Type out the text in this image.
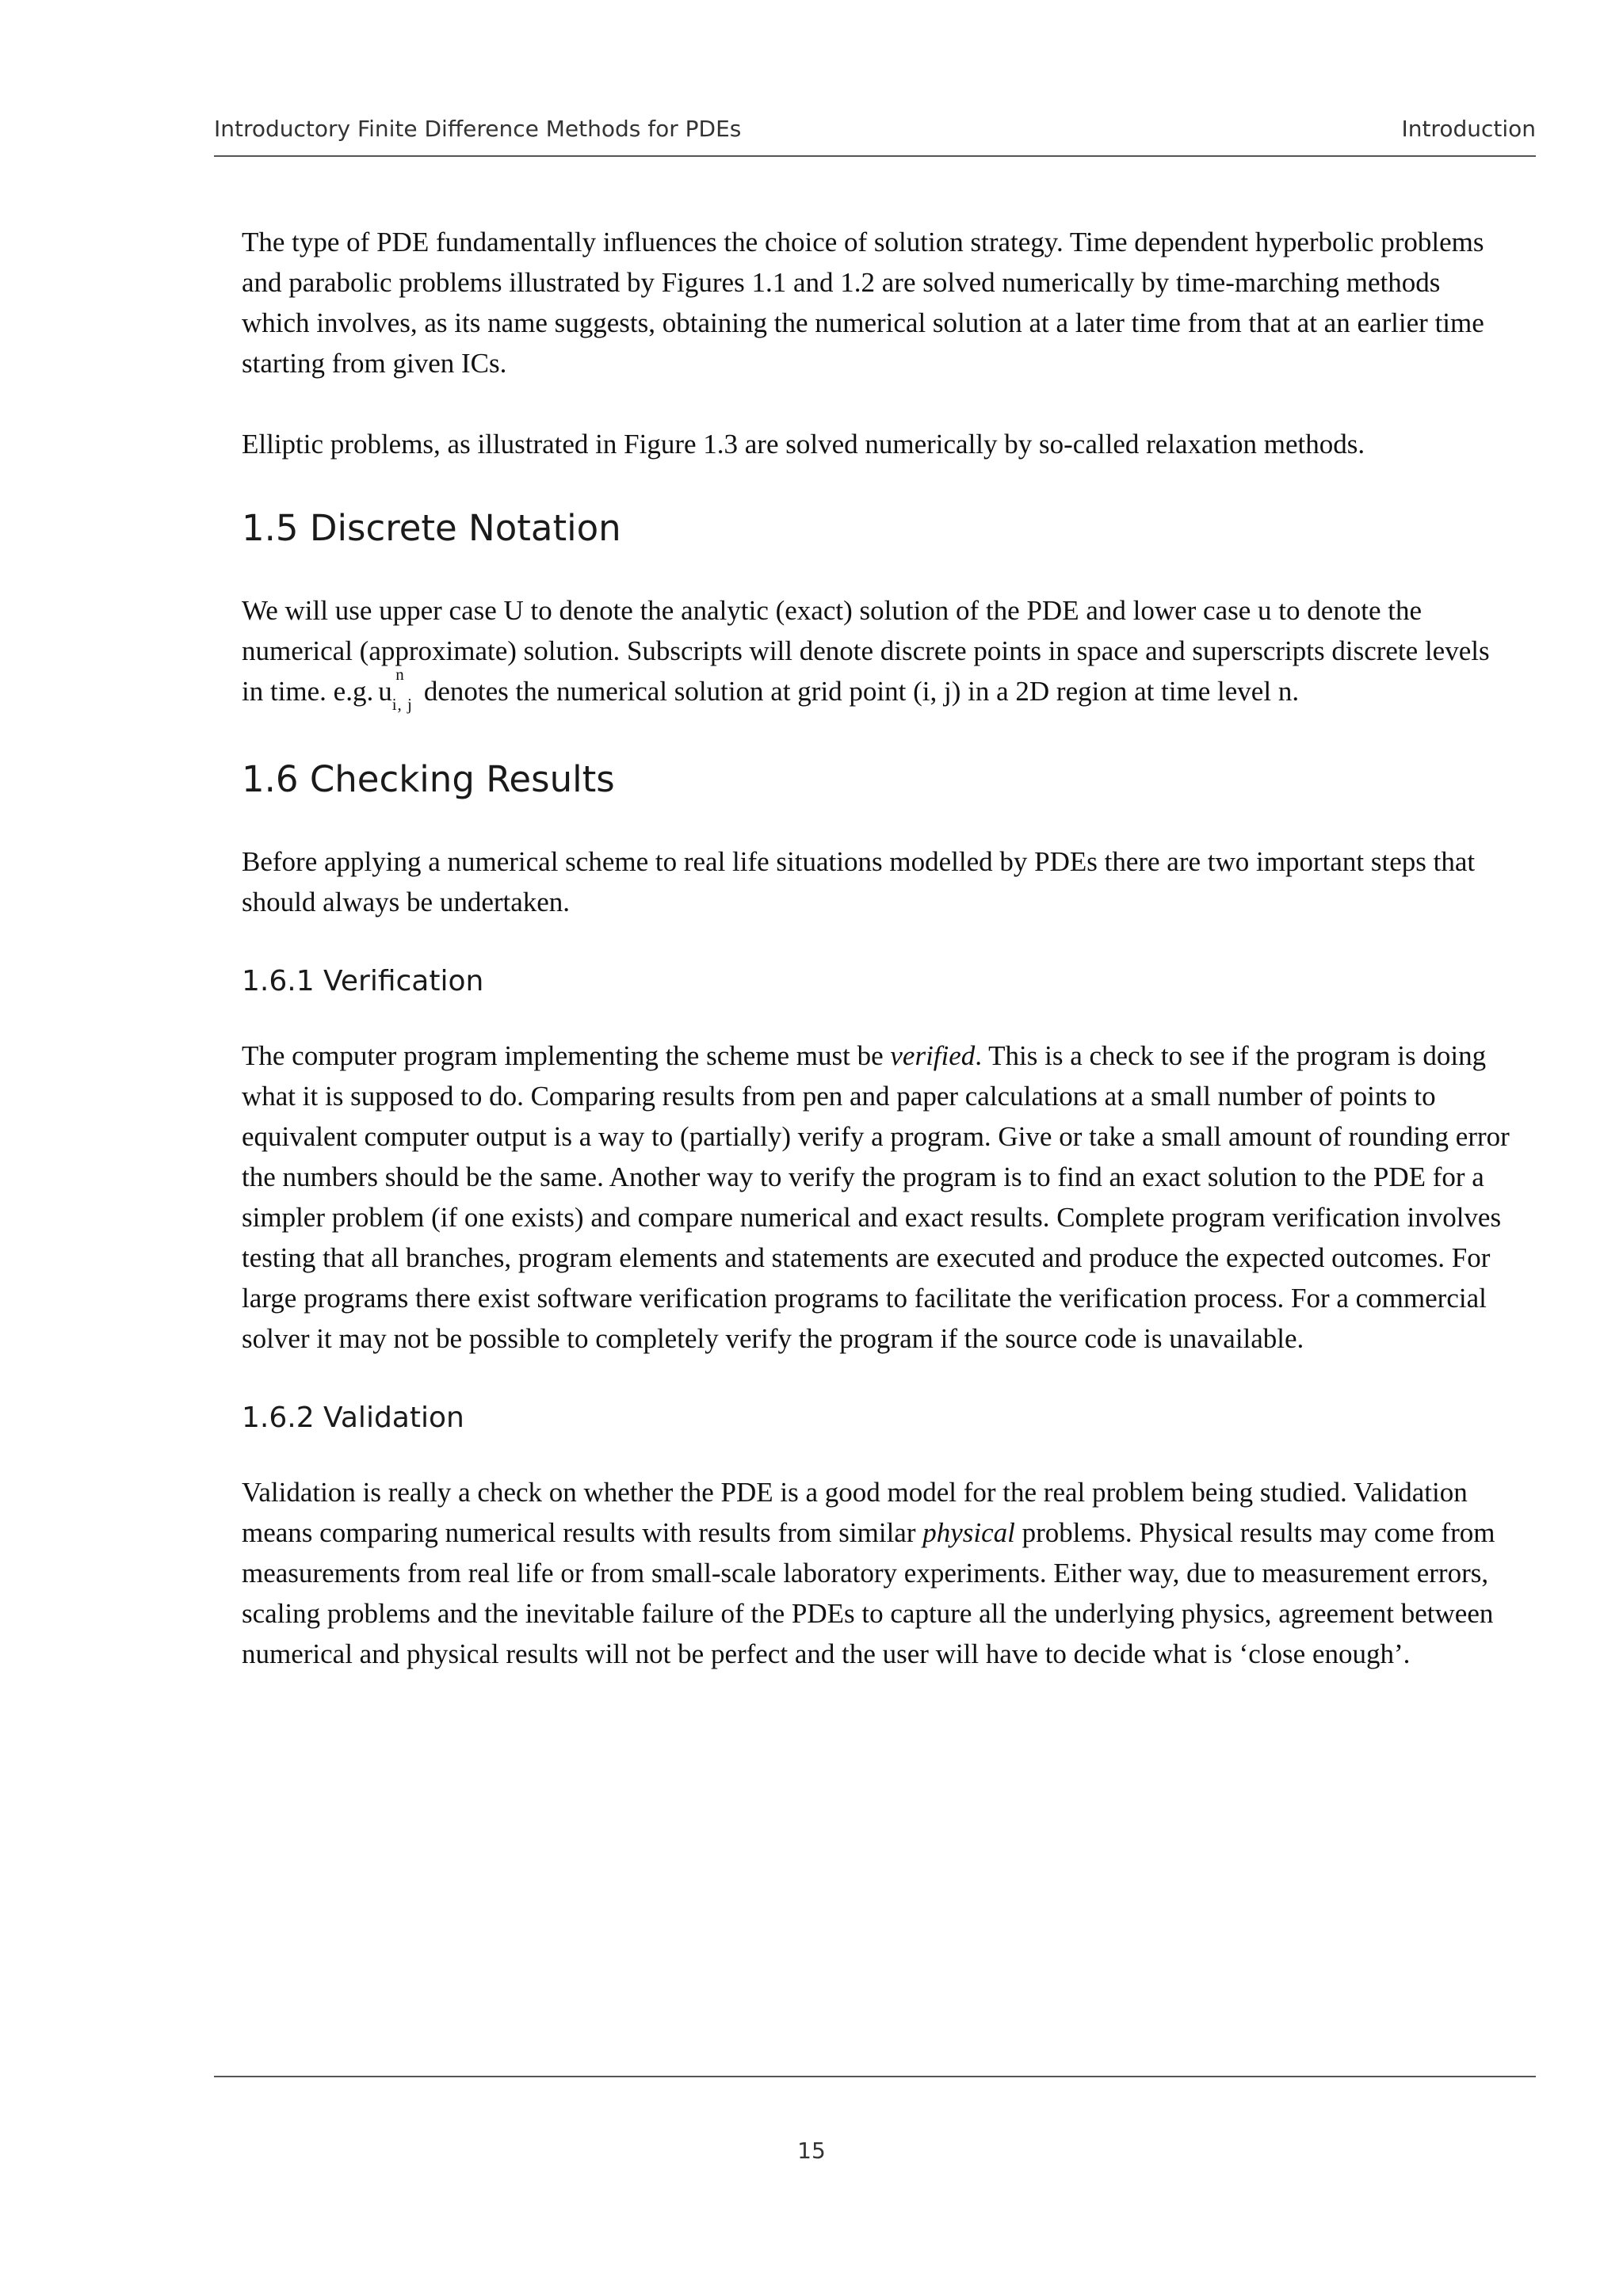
Introductory Finite Difference Methods for PDEs	Introduction

The type of PDE fundamentally influences the choice of solution strategy. Time dependent hyperbolic problems and parabolic problems illustrated by Figures 1.1 and 1.2 are solved numerically by time-marching methods which involves, as its name suggests, obtaining the numerical solution at a later time from that at an earlier time starting from given ICs.

Elliptic problems, as illustrated in Figure 1.3 are solved numerically by so-called relaxation methods.

1.5 Discrete Notation

We will use upper case U to denote the analytic (exact) solution of the PDE and lower case u to denote the numerical (approximate) solution. Subscripts will denote discrete points in space and superscripts discrete levels in time. e.g. u
n
$_{i, j}$ denotes the numerical solution at grid point (i, j) in a 2D region at time level n.

1.6 Checking Results

Before applying a numerical scheme to real life situations modelled by PDEs there are two important steps that should always be undertaken.

1.6.1 Verification

The computer program implementing the scheme must be verified. This is a check to see if the program is doing what it is supposed to do. Comparing results from pen and paper calculations at a small number of points to equivalent computer output is a way to (partially) verify a program. Give or take a small amount of rounding error the numbers should be the same. Another way to verify the program is to find an exact solution to the PDE for a simpler problem (if one exists) and compare numerical and exact results. Complete program verification involves testing that all branches, program elements and statements are executed and produce the expected outcomes. For large programs there exist software verification programs to facilitate the verification process. For a commercial solver it may not be possible to completely verify the program if the source code is unavailable.

1.6.2 Validation

Validation is really a check on whether the PDE is a good model for the real problem being studied. Validation means comparing numerical results with results from similar physical problems. Physical results may come from measurements from real life or from small-scale laboratory experiments. Either way, due to measurement errors, scaling problems and the inevitable failure of the PDEs to capture all the underlying physics, agreement between numerical and physical results will not be perfect and the user will have to decide what is ‘close enough’.

15
